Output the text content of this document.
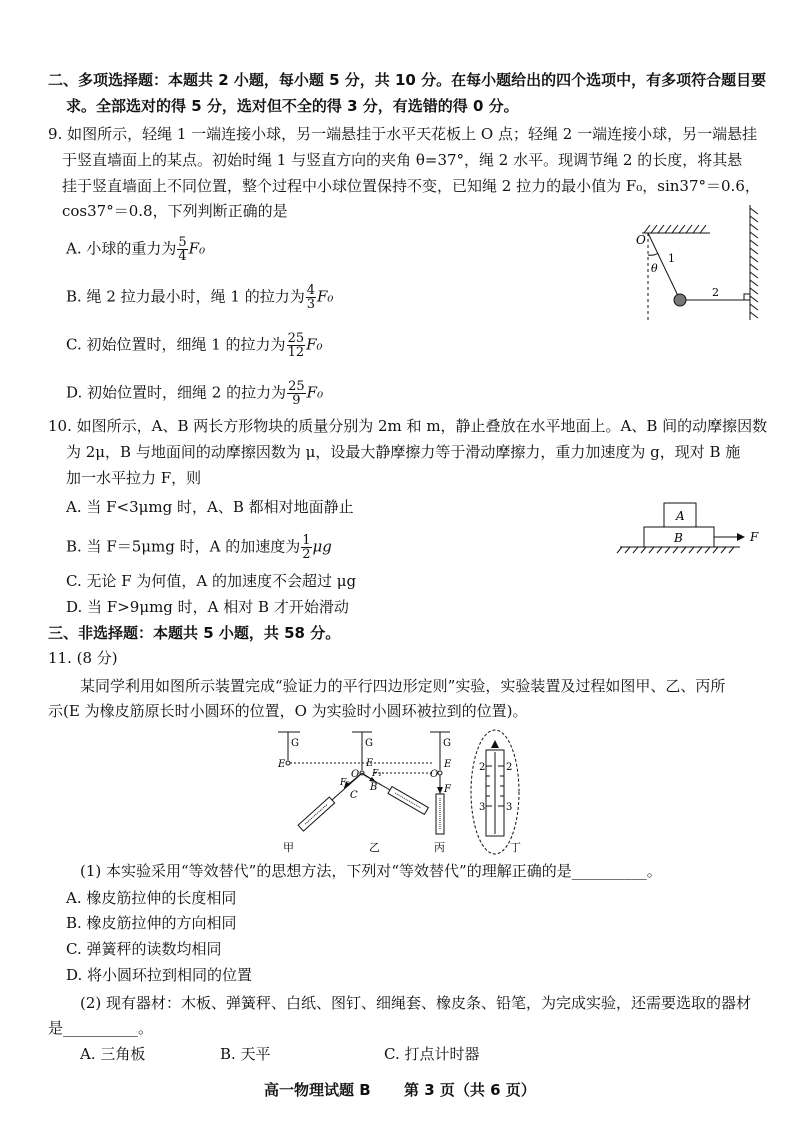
二、多项选择题：本题共 2 小题，每小题 5 分，共 10 分。在每小题给出的四个选项中，有多项符合题目要
求。全部选对的得 5 分，选对但不全的得 3 分，有选错的得 0 分。
9. 如图所示，轻绳 1 一端连接小球，另一端悬挂于水平天花板上 O 点；轻绳 2 一端连接小球，另一端悬挂
于竖直墙面上的某点。初始时绳 1 与竖直方向的夹角 θ=37°，绳 2 水平。现调节绳 2 的长度，将其悬
挂于竖直墙面上不同位置，整个过程中小球位置保持不变，已知绳 2 拉力的最小值为 F₀，sin37°＝0.6，
cos37°＝0.8，下列判断正确的是
A. 小球的重力为 $\frac{5}{4} F_0$
B. 绳 2 拉力最小时，绳 1 的拉力为 $\frac{4}{3} F_0$
C. 初始位置时，细绳 1 的拉力为 $\frac{25}{12} F_0$
D. 初始位置时，细绳 2 的拉力为 $\frac{25}{9} F_0$
O
θ
1
2
10. 如图所示，A、B 两长方形物块的质量分别为 2m 和 m，静止叠放在水平地面上。A、B 间的动摩擦因数
为 2μ，B 与地面间的动摩擦因数为 μ，设最大静摩擦力等于滑动摩擦力，重力加速度为 g，现对 B 施
加一水平拉力 F，则
A. 当 F<3μmg 时，A、B 都相对地面静止
B. 当 F＝5μmg 时，A 的加速度为 $\frac{1}{2}$ μg
C. 无论 F 为何值，A 的加速度不会超过 μg
D. 当 F>9μmg 时，A 相对 B 才开始滑动
A
B	F
三、非选择题：本题共 5 小题，共 58 分。
11. (8 分)
某同学利用如图所示装置完成“验证力的平行四边形定则”实验，实验装置及过程如图甲、乙、丙所
示(E 为橡皮筋原长时小圆环的位置，O 为实验时小圆环被拉到的位置)。
G
E
G
E
O
F₂
F₁
C
B
G
E
O
F
2 2
3 3
甲	乙	丙	丁
(1) 本实验采用“等效替代”的思想方法，下列对“等效替代”的理解正确的是__________。
A. 橡皮筋拉伸的长度相同
B. 橡皮筋拉伸的方向相同
C. 弹簧秤的读数均相同
D. 将小圆环拉到相同的位置
(2) 现有器材：木板、弹簧秤、白纸、图钉、细绳套、橡皮条、铅笔，为完成实验，还需要选取的器材
是__________。
A. 三角板	B. 天平	C. 打点计时器
高一物理试题 B 第 3 页（共 6 页）
